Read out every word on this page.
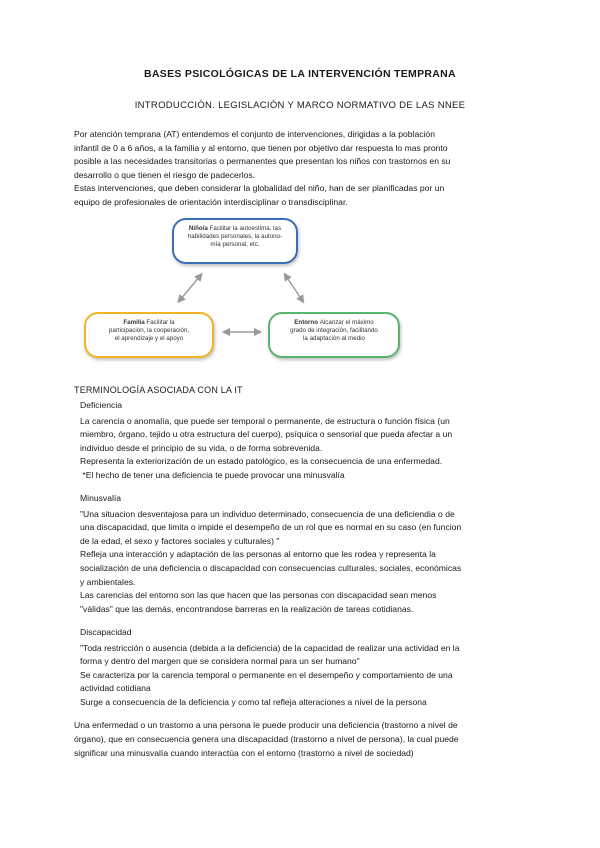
BASES PSICOLÓGICAS DE LA INTERVENCIÓN TEMPRANA
INTRODUCCIÓN. LEGISLACIÓN Y MARCO NORMATIVO DE LAS NNEE

Por atención temprana (AT) entendemos el conjunto de intervenciones, dirigidas a la población

infantil de 0 a 6 años, a la familia y al entorno, que tienen por objetivo dar respuesta lo mas pronto

posible a las necesidades transitorias o permanentes que presentan los niños con trastornos en su

desarrollo o que tienen el riesgo de padecerlos.

Estas intervenciones, que deben considerar la globalidad del niño, han de ser planificadas por un

equipo de profesionales de orientación interdisciplinar o transdisciplinar.

Niño/a Facilitar la autoestima, las
habilidades personales, la autono-
mía personal, etc.
Familia Facilitar la
participación, la cooperación,
el aprendizaje y el apoyo
Entorno Alcanzar el máximo
grado de integración, facilitando
la adaptación al medio
TERMINOLOGÍA ASOCIADA CON LA IT

Deficiencia

La carencia o anomalía, que puede ser temporal o permanente, de estructura o función física (un

miembro, órgano, tejido u otra estructura del cuerpo), psíquica o sensorial que pueda afectar a un

individuo desde el principio de su vida, o de forma sobrevenida.

Representa la exteriorización de un estado patológico, es la consecuencia de una enfermedad.

*El hecho de tener una deficiencia te puede provocar una minusvalía

Minusvalía

"Una situacion desventajosa para un individuo determinado, consecuencia de una deficiendia o de

una discapacidad, que limita o impide el desempeño de un rol que es normal en su caso (en funcion

de la edad, el sexo y factores sociales y culturales) "

Refleja una interacción y adaptación de las personas al entorno que les rodea y representa la

socialización de una deficiencia o discapacidad con consecuencias culturales, sociales, económicas

y ambientales.

Las carencias del entorno son las que hacen que las personas con discapacidad sean menos

"válidas" que las demás, encontrandose barreras en la realización de tareas cotidianas.

Discapacidad

"Toda restricción o ausencia (debida a la deficiencia) de la capacidad de realizar una actividad en la

forma y dentro del margen que se considera normal para un ser humano"

Se caracteriza por la carencia temporal o permanente en el desempeño y comportamiento de una

actividad cotidiana

Surge a consecuencia de la deficiencia y como tal refleja alteraciones a nivel de la persona

Una enfermedad o un trastorno a una persona le puede producir una deficiencia (trastorno a nivel de

órgano), que en consecuencia genera una discapacidad (trastorno a nivel de persona), la cual puede

significar una minusvalía cuando interactúa con el entorno (trastorno a nivel de sociedad)
